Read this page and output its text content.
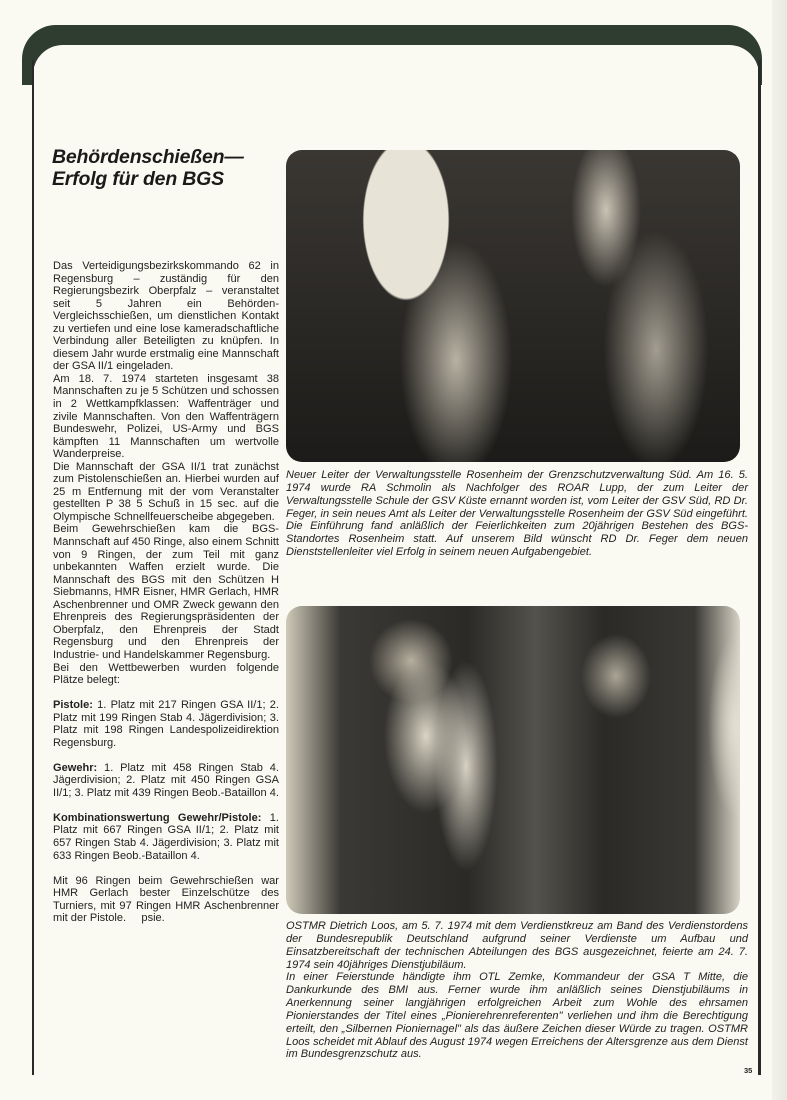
Behördenschießen—
Erfolg für den BGS

Das Verteidigungsbezirkskommando 62 in Regensburg – zuständig für den Regierungsbezirk Oberpfalz – veranstaltet seit 5 Jahren ein Behörden-Vergleichsschießen, um dienstlichen Kontakt zu vertiefen und eine lose kameradschaftliche Verbindung aller Beteiligten zu knüpfen. In diesem Jahr wurde erstmalig eine Mannschaft der GSA II/1 eingeladen.

Am 18. 7. 1974 starteten insgesamt 38 Mannschaften zu je 5 Schützen und schossen in 2 Wettkampfklassen: Waffenträger und zivile Mannschaften. Von den Waffenträgern Bundeswehr, Polizei, US-Army und BGS kämpften 11 Mannschaften um wertvolle Wanderpreise.

Die Mannschaft der GSA II/1 trat zunächst zum Pistolenschießen an. Hierbei wurden auf 25 m Entfernung mit der vom Veranstalter gestellten P 38 5 Schuß in 15 sec. auf die Olympische Schnellfeuerscheibe abgegeben.

Beim Gewehrschießen kam die BGS-Mannschaft auf 450 Ringe, also einem Schnitt von 9 Ringen, der zum Teil mit ganz unbekannten Waffen erzielt wurde. Die Mannschaft des BGS mit den Schützen H Siebmanns, HMR Eisner, HMR Gerlach, HMR Aschenbrenner und OMR Zweck gewann den Ehrenpreis des Regierungspräsidenten der Oberpfalz, den Ehrenpreis der Stadt Regensburg und den Ehrenpreis der Industrie- und Handelskammer Regensburg.

Bei den Wettbewerben wurden folgende Plätze belegt:

Pistole: 1. Platz mit 217 Ringen GSA II/1; 2. Platz mit 199 Ringen Stab 4. Jägerdivision; 3. Platz mit 198 Ringen Landespolizeidirektion Regensburg.

Gewehr: 1. Platz mit 458 Ringen Stab 4. Jägerdivision; 2. Platz mit 450 Ringen GSA II/1; 3. Platz mit 439 Ringen Beob.-Bataillon 4.

Kombinationswertung Gewehr/Pistole: 1. Platz mit 667 Ringen GSA II/1; 2. Platz mit 657 Ringen Stab 4. Jägerdivision; 3. Platz mit 633 Ringen Beob.-Bataillon 4.

Mit 96 Ringen beim Gewehrschießen war HMR Gerlach bester Einzelschütze des Turniers, mit 97 Ringen HMR Aschenbrenner mit der Pistole. psie.

Neuer Leiter der Verwaltungsstelle Rosenheim der Grenzschutzverwaltung Süd. Am 16. 5. 1974 wurde RA Schmolin als Nachfolger des ROAR Lupp, der zum Leiter der Verwaltungsstelle Schule der GSV Küste ernannt worden ist, vom Leiter der GSV Süd, RD Dr. Feger, in sein neues Amt als Leiter der Verwaltungsstelle Rosenheim der GSV Süd eingeführt. Die Einführung fand anläßlich der Feierlichkeiten zum 20jährigen Bestehen des BGS-Standortes Rosenheim statt. Auf unserem Bild wünscht RD Dr. Feger dem neuen Dienststellenleiter viel Erfolg in seinem neuen Aufgabengebiet.

OSTMR Dietrich Loos, am 5. 7. 1974 mit dem Verdienstkreuz am Band des Verdienstordens der Bundesrepublik Deutschland aufgrund seiner Verdienste um Aufbau und Einsatzbereitschaft der technischen Abteilungen des BGS ausgezeichnet, feierte am 24. 7. 1974 sein 40jähriges Dienstjubiläum.

In einer Feierstunde händigte ihm OTL Zemke, Kommandeur der GSA T Mitte, die Dankurkunde des BMI aus. Ferner wurde ihm anläßlich seines Dienstjubiläums in Anerkennung seiner langjährigen erfolgreichen Arbeit zum Wohle des ehrsamen Pionierstandes der Titel eines „Pionierehrenreferenten" verliehen und ihm die Berechtigung erteilt, den „Silbernen Pioniernagel" als das äußere Zeichen dieser Würde zu tragen. OSTMR Loos scheidet mit Ablauf des August 1974 wegen Erreichens der Altersgrenze aus dem Dienst im Bundesgrenzschutz aus.

35
